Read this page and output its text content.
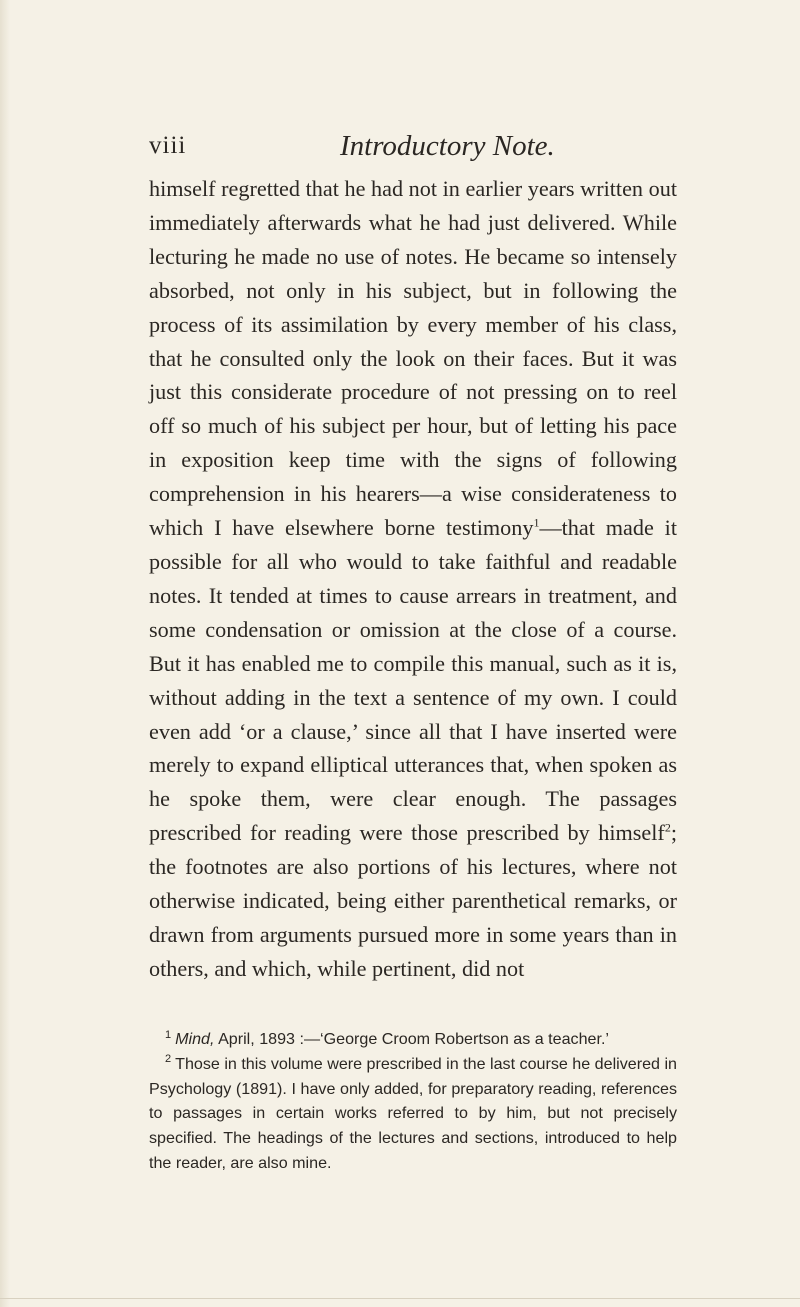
viii	Introductory Note.

himself regretted that he had not in earlier years written out immediately afterwards what he had just delivered. While lecturing he made no use of notes. He became so intensely absorbed, not only in his subject, but in following the process of its assimilation by every member of his class, that he consulted only the look on their faces. But it was just this considerate procedure of not pressing on to reel off so much of his subject per hour, but of letting his pace in exposition keep time with the signs of following comprehension in his hearers—a wise considerateness to which I have elsewhere borne testimony$^1$—that made it possible for all who would to take faithful and readable notes. It tended at times to cause arrears in treatment, and some condensation or omission at the close of a course. But it has enabled me to compile this manual, such as it is, without adding in the text a sentence of my own. I could even add ‘or a clause,’ since all that I have inserted were merely to expand elliptical utterances that, when spoken as he spoke them, were clear enough. The passages prescribed for reading were those prescribed by himself$^2$; the footnotes are also portions of his lectures, where not otherwise indicated, being either parenthetical remarks, or drawn from arguments pursued more in some years than in others, and which, while pertinent, did not

$^1$ Mind, April, 1893 :—‘George Croom Robertson as a teacher.’

$^2$ Those in this volume were prescribed in the last course he delivered in Psychology (1891). I have only added, for preparatory reading, references to passages in certain works referred to by him, but not precisely specified. The headings of the lectures and sections, introduced to help the reader, are also mine.
